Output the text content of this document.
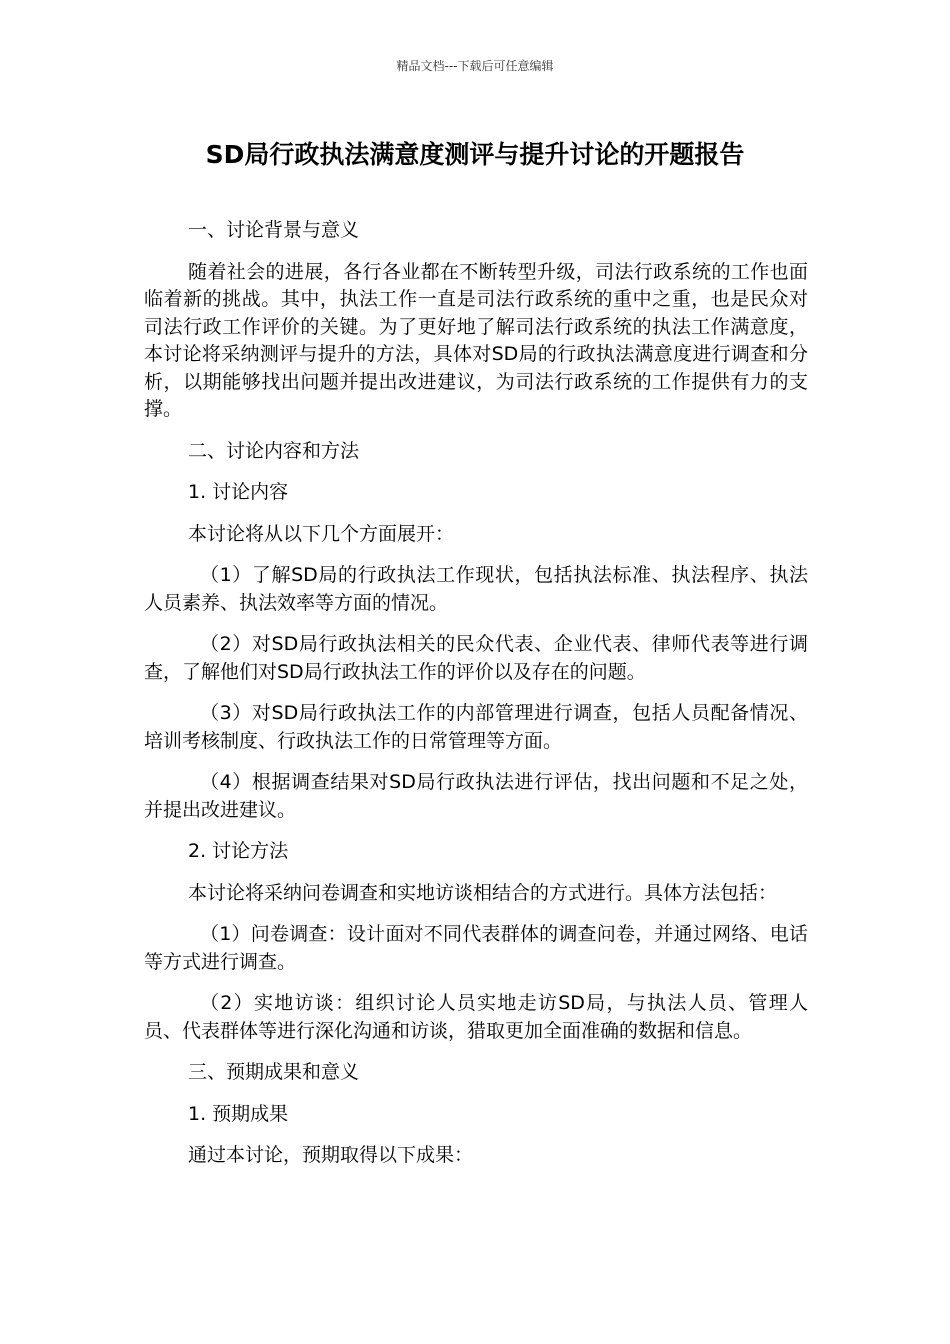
精品文档---下载后可任意编辑
SD局行政执法满意度测评与提升讨论的开题报告

一、讨论背景与意义

随着社会的进展，各行各业都在不断转型升级，司法行政系统的工作也面临着新的挑战。其中，执法工作一直是司法行政系统的重中之重，也是民众对司法行政工作评价的关键。为了更好地了解司法行政系统的执法工作满意度，本讨论将采纳测评与提升的方法，具体对SD局的行政执法满意度进行调查和分析，以期能够找出问题并提出改进建议，为司法行政系统的工作提供有力的支撑。

二、讨论内容和方法

1. 讨论内容

本讨论将从以下几个方面展开：

（1）了解SD局的行政执法工作现状，包括执法标准、执法程序、执法人员素养、执法效率等方面的情况。

（2）对SD局行政执法相关的民众代表、企业代表、律师代表等进行调查，了解他们对SD局行政执法工作的评价以及存在的问题。

（3）对SD局行政执法工作的内部管理进行调查，包括人员配备情况、培训考核制度、行政执法工作的日常管理等方面。

（4）根据调查结果对SD局行政执法进行评估，找出问题和不足之处，并提出改进建议。

2. 讨论方法

本讨论将采纳问卷调查和实地访谈相结合的方式进行。具体方法包括：

（1）问卷调查：设计面对不同代表群体的调查问卷，并通过网络、电话等方式进行调查。

（2）实地访谈：组织讨论人员实地走访SD局，与执法人员、管理人员、代表群体等进行深化沟通和访谈，猎取更加全面准确的数据和信息。

三、预期成果和意义

1. 预期成果

通过本讨论，预期取得以下成果：
